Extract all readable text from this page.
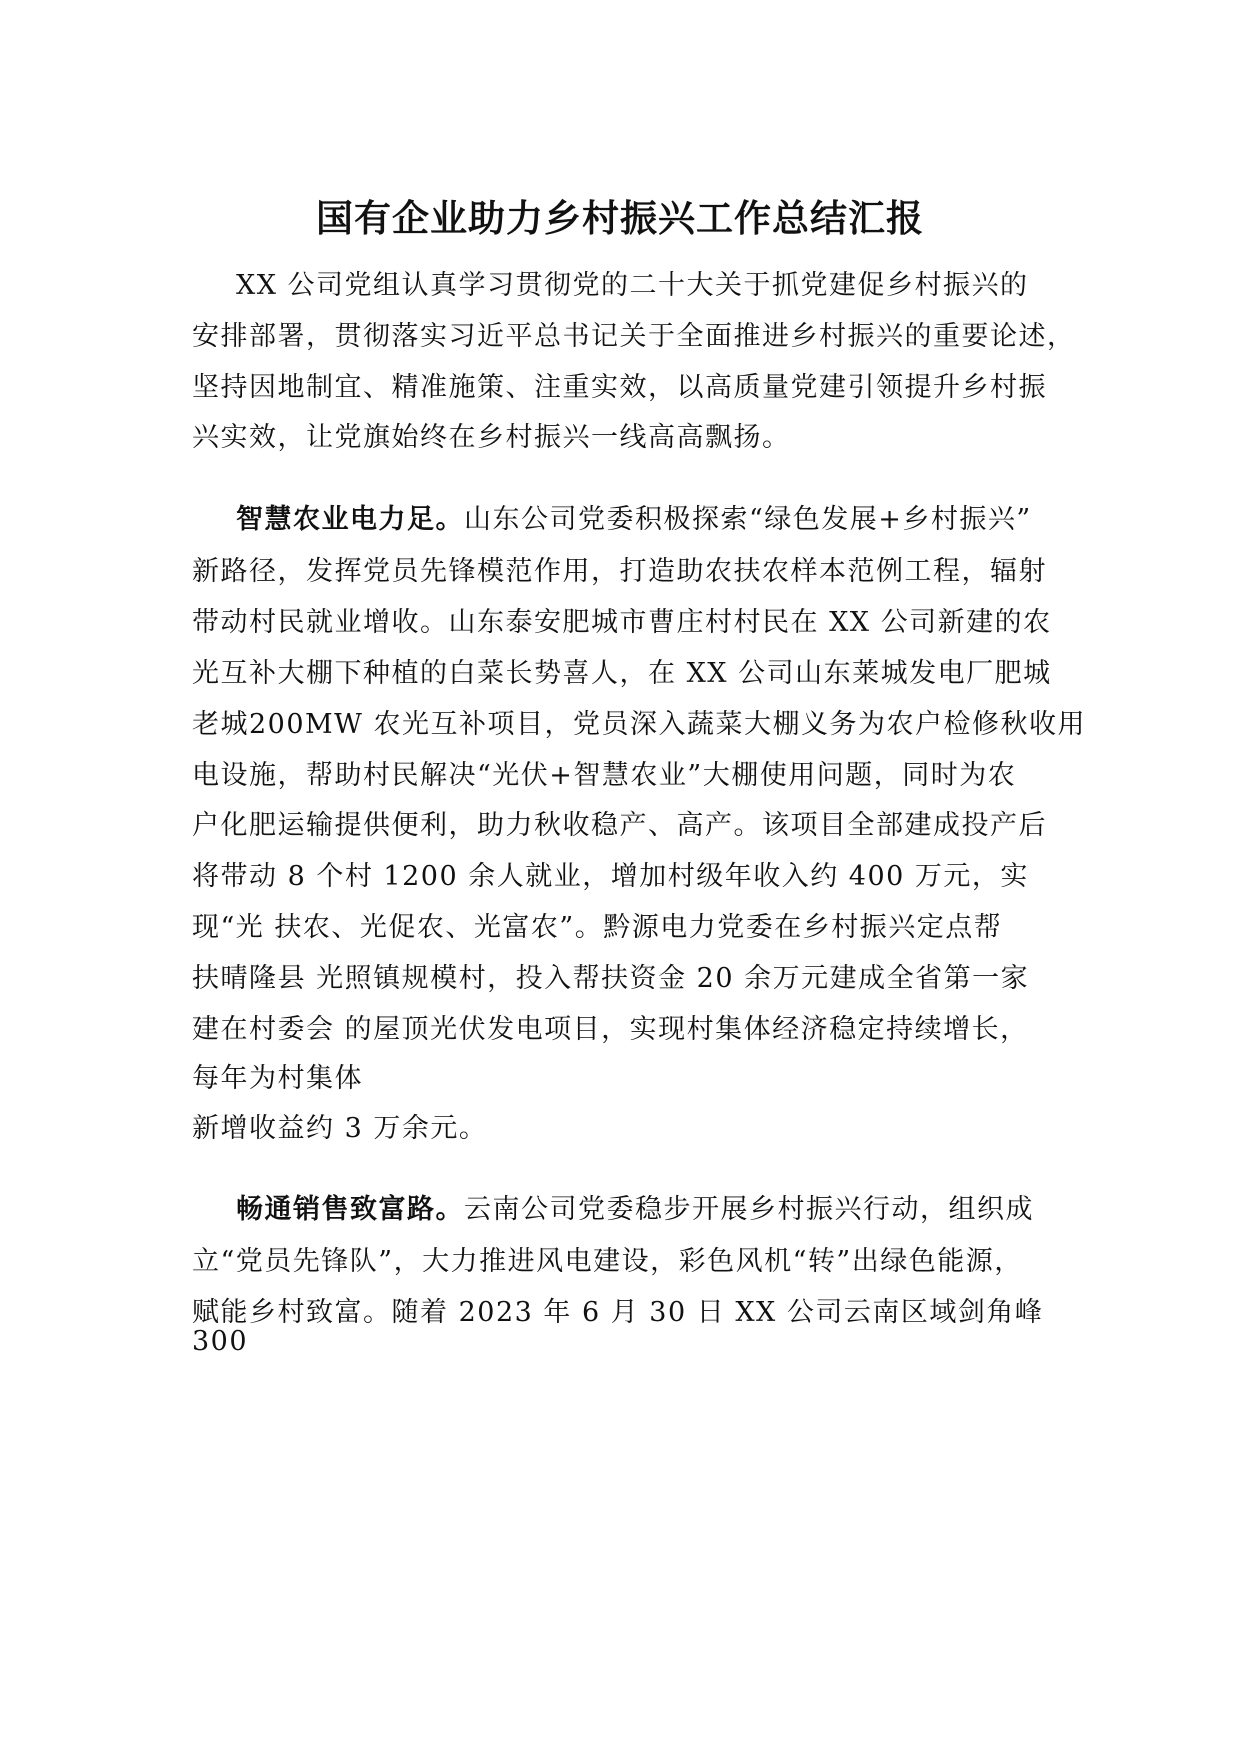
国有企业助力乡村振兴工作总结汇报
XX 公司党组认真学习贯彻党的二十大关于抓党建促乡村振兴的
安排部署，贯彻落实习近平总书记关于全面推进乡村振兴的重要论述，
坚持因地制宜、精准施策、注重实效，以高质量党建引领提升乡村振
兴实效，让党旗始终在乡村振兴一线高高飘扬。
智慧农业电力足。山东公司党委积极探索“绿色发展+乡村振兴”
新路径，发挥党员先锋模范作用，打造助农扶农样本范例工程，辐射
带动村民就业增收。山东泰安肥城市曹庄村村民在 XX 公司新建的农
光互补大棚下种植的白菜长势喜人，在 XX 公司山东莱城发电厂肥城
老城200MW 农光互补项目，党员深入蔬菜大棚义务为农户检修秋收用
电设施，帮助村民解决“光伏+智慧农业”大棚使用问题，同时为农
户化肥运输提供便利，助力秋收稳产、高产。该项目全部建成投产后
将带动 8 个村 1200 余人就业，增加村级年收入约 400 万元，实
现“光 扶农、光促农、光富农”。黔源电力党委在乡村振兴定点帮
扶晴隆县 光照镇规模村，投入帮扶资金 20 余万元建成全省第一家
建在村委会 的屋顶光伏发电项目，实现村集体经济稳定持续增长，
每年为村集体
新增收益约 3 万余元。
畅通销售致富路。云南公司党委稳步开展乡村振兴行动，组织成
立“党员先锋队”，大力推进风电建设，彩色风机“转”出绿色能源，
赋能乡村致富。随着 2023 年 6 月 30 日 XX 公司云南区域剑角峰
300
